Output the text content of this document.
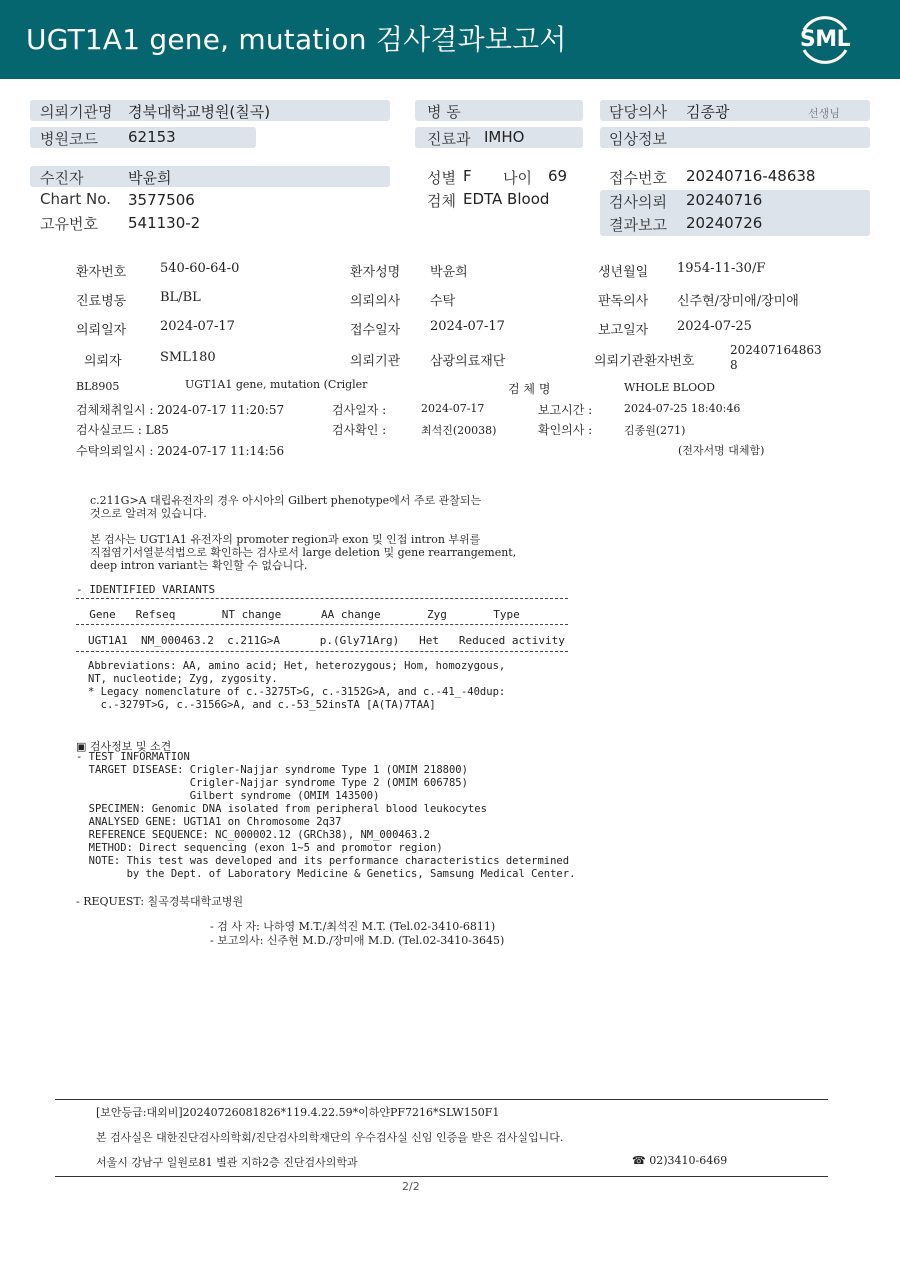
UGT1A1 gene, mutation 검사결과보고서	SML
의뢰기관명 경북대학교병원(칠곡)	병 동	담당의사 김종광	선생님
병원코드 62153	진료과 IMHO	임상정보
수진자	박윤희	성별 F 나이 69	접수번호 20240716-48638
Chart No. 3577506	검체 EDTA Blood	검사의뢰 20240716
고유번호 541130-2	결과보고 20240726
환자번호	540-60-64-0	환자성명 박윤희	생년월일 1954-11-30/F
진료병동	BL/BL	의뢰의사 수탁	판독의사 신주현/장미애/장미애
의뢰일자	2024-07-17	접수일자 2024-07-17	보고일자 2024-07-25
의뢰자	SML180	의뢰기관 삼광의료재단	의뢰기관환자번호
202407164863
8
BL8905	UGT1A1 gene, mutation (Crigler	검 체 명	WHOLE BLOOD
검체채취일시 : 2024-07-17 11:20:57	검사일자 :	2024-07-17	보고시간 :	2024-07-25 18:40:46
검사실코드 : L85	검사확인 :	최석진(20038)	확인의사 :	김종원(271)
수탁의뢰일시 : 2024-07-17 11:14:56	(전자서명 대체함)
c.211G>A 대립유전자의 경우 아시아의 Gilbert phenotype에서 주로 관찰되는
것으로 알려져 있습니다.
본 검사는 UGT1A1 유전자의 promoter region과 exon 및 인접 intron 부위를
직접염기서열분석법으로 확인하는 검사로서 large deletion 및 gene rearrangement,
deep intron variant는 확인할 수 없습니다.
- IDENTIFIED VARIANTS
Gene   Refseq       NT change      AA change       Zyg       Type
UGT1A1  NM_000463.2  c.211G>A      p.(Gly71Arg)   Het   Reduced activity
Abbreviations: AA, amino acid; Het, heterozygous; Hom, homozygous,
NT, nucleotide; Zyg, zygosity.
* Legacy nomenclature of c.-3275T>G, c.-3152G>A, and c.-41_-40dup:
c.-3279T>G, c.-3156G>A, and c.-53_52insTA [A(TA)7TAA]
▣ 검사정보 및 소견
- TEST INFORMATION
TARGET DISEASE: Crigler-Najjar syndrome Type 1 (OMIM 218800)
Crigler-Najjar syndrome Type 2 (OMIM 606785)
Gilbert syndrome (OMIM 143500)
SPECIMEN: Genomic DNA isolated from peripheral blood leukocytes
ANALYSED GENE: UGT1A1 on Chromosome 2q37
REFERENCE SEQUENCE: NC_000002.12 (GRCh38), NM_000463.2
METHOD: Direct sequencing (exon 1~5 and promotor region)
NOTE: This test was developed and its performance characteristics determined
by the Dept. of Laboratory Medicine & Genetics, Samsung Medical Center.
- REQUEST: 칠곡경북대학교병원
- 검 사 자: 나하영 M.T./최석진 M.T. (Tel.02-3410-6811)
- 보고의사: 신주현 M.D./장미애 M.D. (Tel.02-3410-3645)
[보안등급:대외비]20240726081826*119.4.22.59*이하얀PF7216*SLW150F1
본 검사실은 대한진단검사의학회/진단검사의학재단의 우수검사실 신임 인증을 받은 검사실입니다.
서울시 강남구 일원로81 별관 지하2층 진단검사의학과	☎ 02)3410-6469
2/2
